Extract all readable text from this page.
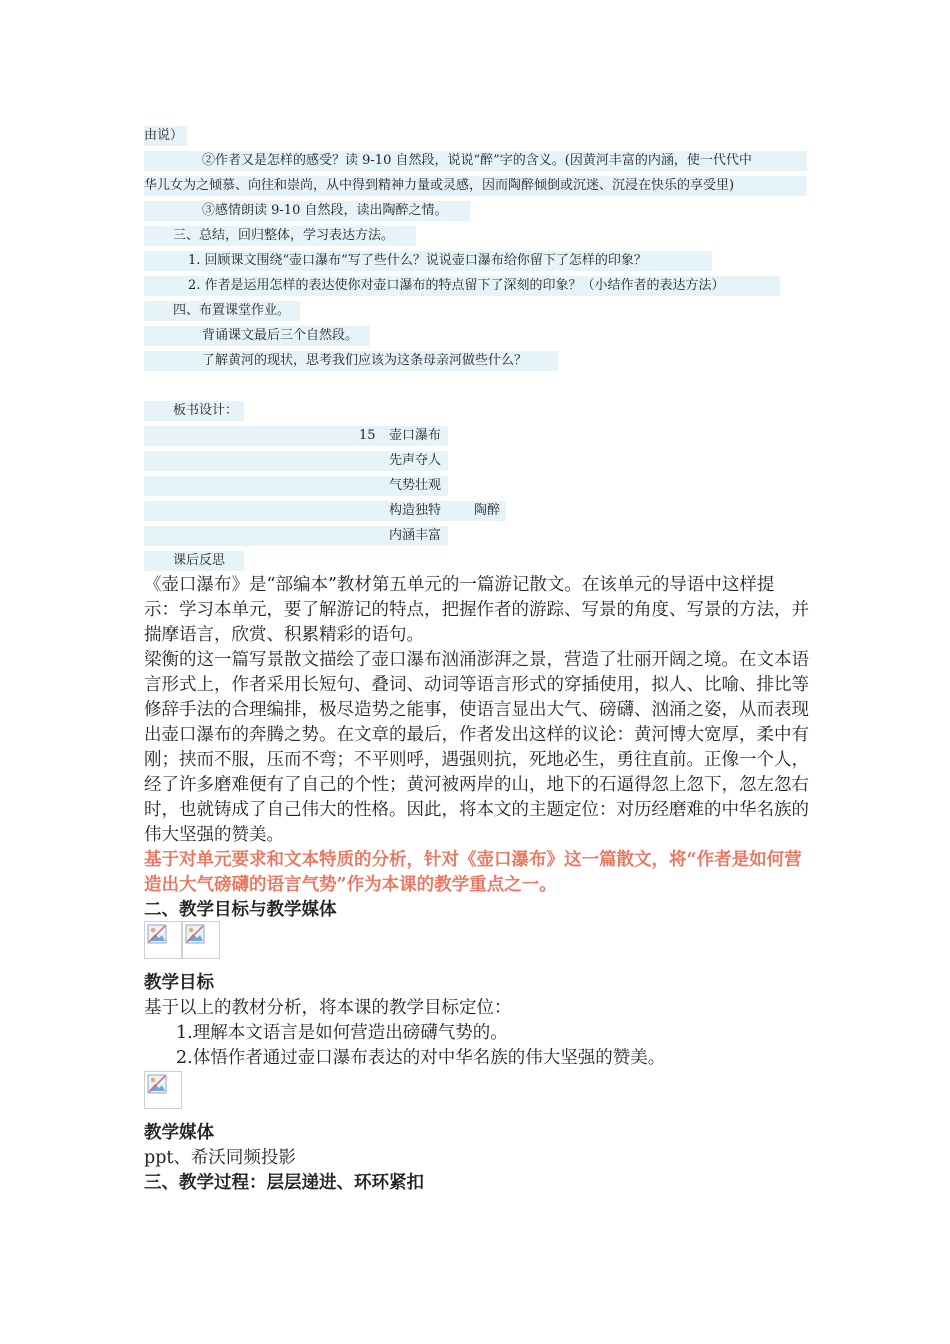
由说）
②作者又是怎样的感受？读 9-10 自然段，说说“醉”字的含义。(因黄河丰富的内涵，使一代代中
华儿女为之倾慕、向往和崇尚，从中得到精神力量或灵感，因而陶醉倾倒或沉迷、沉浸在快乐的享受里)
③感情朗读 9-10 自然段，读出陶醉之情。
三、总结，回归整体，学习表达方法。
1. 回顾课文围绕“壶口瀑布”写了些什么？说说壶口瀑布给你留下了怎样的印象？
2. 作者是运用怎样的表达使你对壶口瀑布的特点留下了深刻的印象？（小结作者的表达方法）
四、布置课堂作业。
背诵课文最后三个自然段。
了解黄河的现状，思考我们应该为这条母亲河做些什么？
板书设计：
15 壶口瀑布
先声夺人
气势壮观
构造独特	陶醉
内涵丰富
课后反思

《壶口瀑布》是“部编本”教材第五单元的一篇游记散文。在该单元的导语中这样提示：学习本单元，要了解游记的特点，把握作者的游踪、写景的角度、写景的方法，并揣摩语言，欣赏、积累精彩的语句。

梁衡的这一篇写景散文描绘了壶口瀑布汹涌澎湃之景，营造了壮丽开阔之境。在文本语言形式上，作者采用长短句、叠词、动词等语言形式的穿插使用，拟人、比喻、排比等修辞手法的合理编排，极尽造势之能事，使语言显出大气、磅礴、汹涌之姿，从而表现出壶口瀑布的奔腾之势。在文章的最后，作者发出这样的议论：黄河博大宽厚，柔中有刚；挟而不服，压而不弯；不平则呼，遇强则抗，死地必生，勇往直前。正像一个人，经了许多磨难便有了自己的个性；黄河被两岸的山，地下的石逼得忽上忽下，忽左忽右时，也就铸成了自己伟大的性格。因此，将本文的主题定位：对历经磨难的中华名族的伟大坚强的赞美。

基于对单元要求和文本特质的分析，针对《壶口瀑布》这一篇散文，将“作者是如何营造出大气磅礴的语言气势”作为本课的教学重点之一。

二、教学目标与教学媒体
教学目标
基于以上的教材分析，将本课的教学目标定位：
1.理解本文语言是如何营造出磅礴气势的。
2.体悟作者通过壶口瀑布表达的对中华名族的伟大坚强的赞美。
教学媒体
ppt、希沃同频投影
三、教学过程：层层递进、环环紧扣
